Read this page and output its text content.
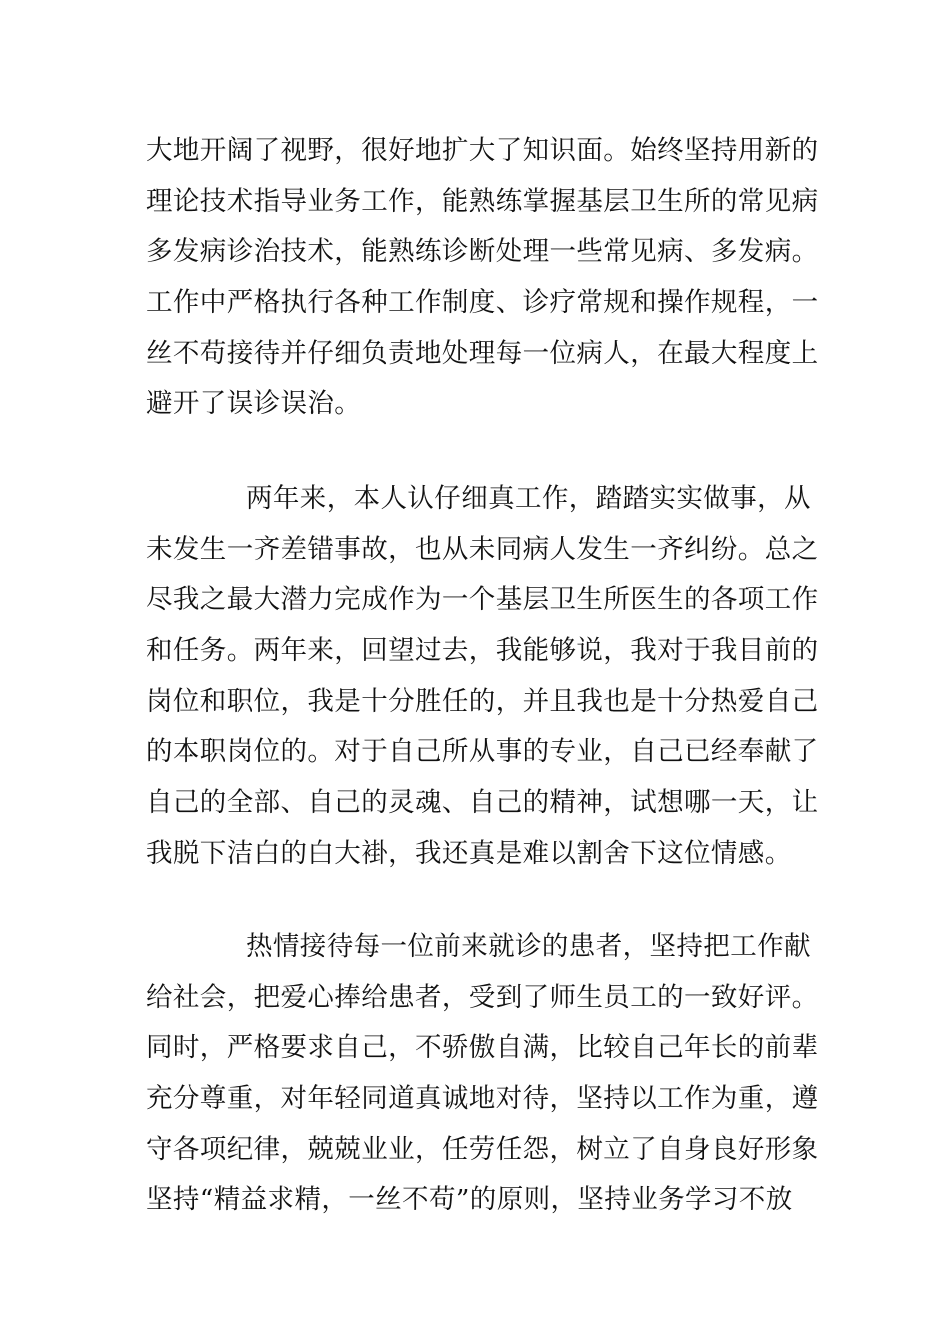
大地开阔了视野，很好地扩大了知识面。始终坚持用新的
理论技术指导业务工作，能熟练掌握基层卫生所的常见病
多发病诊治技术，能熟练诊断处理一些常见病、多发病。
工作中严格执行各种工作制度、诊疗常规和操作规程，一
丝不苟接待并仔细负责地处理每一位病人，在最大程度上
避开了误诊误治。
两年来，本人认仔细真工作，踏踏实实做事，从
未发生一齐差错事故，也从未同病人发生一齐纠纷。总之
尽我之最大潜力完成作为一个基层卫生所医生的各项工作
和任务。两年来，回望过去，我能够说，我对于我目前的
岗位和职位，我是十分胜任的，并且我也是十分热爱自己
的本职岗位的。对于自己所从事的专业，自己已经奉献了
自己的全部、自己的灵魂、自己的精神，试想哪一天，让
我脱下洁白的白大褂，我还真是难以割舍下这位情感。
热情接待每一位前来就诊的患者，坚持把工作献
给社会，把爱心捧给患者，受到了师生员工的一致好评。
同时，严格要求自己，不骄傲自满，比较自己年长的前辈
充分尊重，对年轻同道真诚地对待，坚持以工作为重，遵
守各项纪律，兢兢业业，任劳任怨，树立了自身良好形象
坚持“精益求精，一丝不苟”的原则，坚持业务学习不放
